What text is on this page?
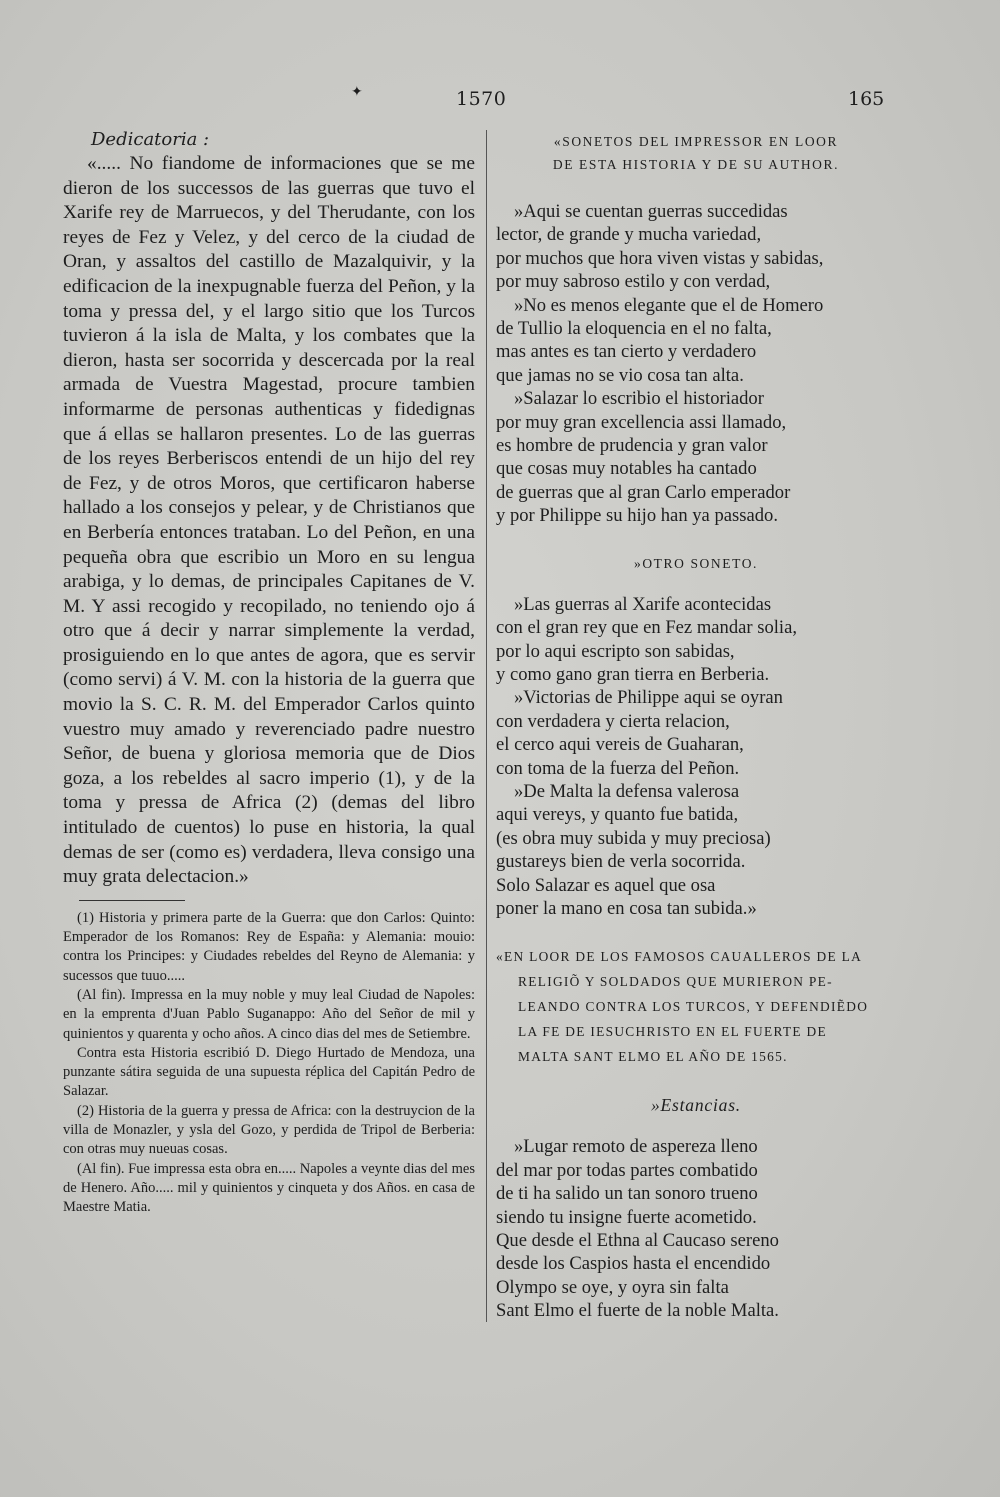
✦	1570	165

Dedicatoria :

«..... No fiandome de informaciones que se me dieron de los successos de las guerras que tuvo el Xarife rey de Marruecos, y del Therudante, con los reyes de Fez y Velez, y del cerco de la ciudad de Oran, y assaltos del castillo de Mazalquivir, y la edificacion de la inexpugnable fuerza del Peñon, y la toma y pressa del, y el largo sitio que los Turcos tuvieron á la isla de Malta, y los combates que la dieron, hasta ser socorrida y descercada por la real armada de Vuestra Magestad, procure tambien informarme de personas authenticas y fidedignas que á ellas se hallaron presentes. Lo de las guerras de los reyes Berberiscos entendi de un hijo del rey de Fez, y de otros Moros, que certificaron haberse hallado a los consejos y pelear, y de Christianos que en Berbería entonces trataban. Lo del Peñon, en una pequeña obra que escribio un Moro en su lengua arabiga, y lo demas, de principales Capitanes de V. M. Y assi recogido y recopilado, no teniendo ojo á otro que á decir y narrar simplemente la verdad, prosiguiendo en lo que antes de agora, que es servir (como servi) á V. M. con la historia de la guerra que movio la S. C. R. M. del Emperador Carlos quinto vuestro muy amado y reverenciado padre nuestro Señor, de buena y gloriosa memoria que de Dios goza, a los rebeldes al sacro imperio (1), y de la toma y pressa de Africa (2) (demas del libro intitulado de cuentos) lo puse en historia, la qual demas de ser (como es) verdadera, lleva consigo una muy grata delectacion.»

(1) Historia y primera parte de la Guerra: que don Carlos: Quinto: Emperador de los Romanos: Rey de España: y Alemania: mouio: contra los Principes: y Ciudades rebeldes del Reyno de Alemania: y sucessos que tuuo.....

(Al fin). Impressa en la muy noble y muy leal Ciudad de Napoles: en la emprenta d'Juan Pablo Suganappo: Año del Señor de mil y quinientos y quarenta y ocho años. A cinco dias del mes de Setiembre.

Contra esta Historia escribió D. Diego Hurtado de Mendoza, una punzante sátira seguida de una supuesta réplica del Capitán Pedro de Salazar.

(2) Historia de la guerra y pressa de Africa: con la destruycion de la villa de Monazler, y ysla del Gozo, y perdida de Tripol de Berberia: con otras muy nueuas cosas.

(Al fin). Fue impressa esta obra en..... Napoles a veynte dias del mes de Henero. Año..... mil y quinientos y cinqueta y dos Años. en casa de Maestre Matia.

«SONETOS DEL IMPRESSOR EN LOOR
DE ESTA HISTORIA Y DE SU AUTHOR.

»Aqui se cuentan guerras succedidas
lector, de grande y mucha variedad,
por muchos que hora viven vistas y sabidas,
por muy sabroso estilo y con verdad,
»No es menos elegante que el de Homero
de Tullio la eloquencia en el no falta,
mas antes es tan cierto y verdadero
que jamas no se vio cosa tan alta.
»Salazar lo escribio el historiador
por muy gran excellencia assi llamado,
es hombre de prudencia y gran valor
que cosas muy notables ha cantado
de guerras que al gran Carlo emperador
y por Philippe su hijo han ya passado.

»OTRO SONETO.

»Las guerras al Xarife acontecidas
con el gran rey que en Fez mandar solia,
por lo aqui escripto son sabidas,
y como gano gran tierra en Berberia.
»Victorias de Philippe aqui se oyran
con verdadera y cierta relacion,
el cerco aqui vereis de Guaharan,
con toma de la fuerza del Peñon.
»De Malta la defensa valerosa
aqui vereys, y quanto fue batida,
(es obra muy subida y muy preciosa)
gustareys bien de verla socorrida.
Solo Salazar es aquel que osa
poner la mano en cosa tan subida.»
«EN LOOR DE LOS FAMOSOS CAUALLEROS DE LA
RELIGIÕ Y SOLDADOS QUE MURIERON PE-
LEANDO CONTRA LOS TURCOS, Y DEFENDIẼDO
LA FE DE IESUCHRISTO EN EL FUERTE DE
MALTA SANT ELMO EL AÑO DE 1565.

»Estancias.

»Lugar remoto de aspereza lleno
del mar por todas partes combatido
de ti ha salido un tan sonoro trueno
siendo tu insigne fuerte acometido.
Que desde el Ethna al Caucaso sereno
desde los Caspios hasta el encendido
Olympo se oye, y oyra sin falta
Sant Elmo el fuerte de la noble Malta.
